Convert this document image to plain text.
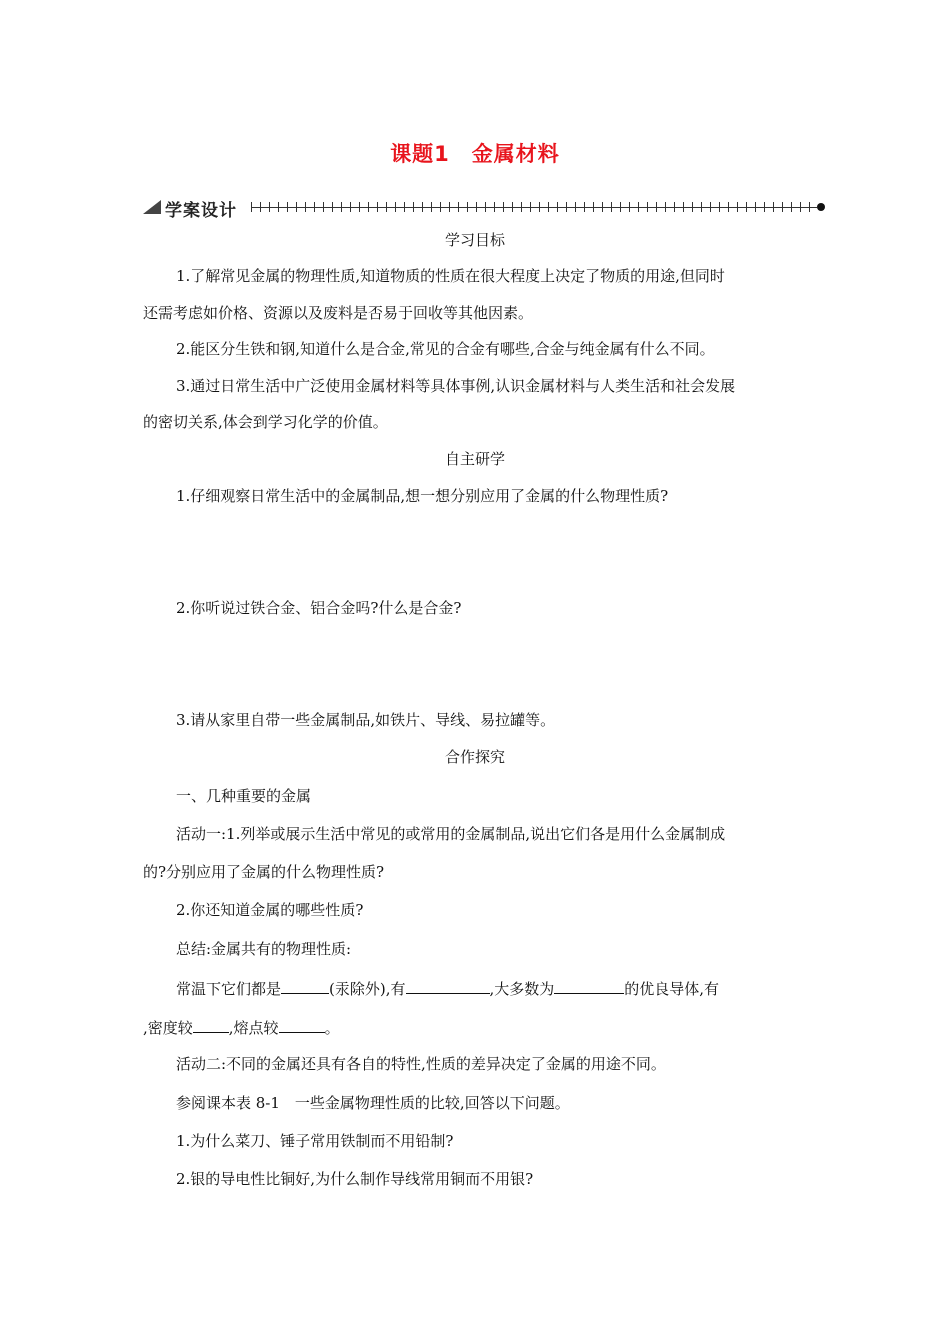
课题1　金属材料
学案设计
学习目标
1.了解常见金属的物理性质,知道物质的性质在很大程度上决定了物质的用途,但同时
还需考虑如价格、资源以及废料是否易于回收等其他因素。
2.能区分生铁和钢,知道什么是合金,常见的合金有哪些,合金与纯金属有什么不同。
3.通过日常生活中广泛使用金属材料等具体事例,认识金属材料与人类生活和社会发展
的密切关系,体会到学习化学的价值。
自主研学
1.仔细观察日常生活中的金属制品,想一想分别应用了金属的什么物理性质?
2.你听说过铁合金、铝合金吗?什么是合金?
3.请从家里自带一些金属制品,如铁片、导线、易拉罐等。
合作探究
一、几种重要的金属
活动一:1.列举或展示生活中常见的或常用的金属制品,说出它们各是用什么金属制成
的?分别应用了金属的什么物理性质?
2.你还知道金属的哪些性质?
总结:金属共有的物理性质:
常温下它们都是	(汞除外),有	,大多数为	的优良导体,有
,密度较 ,熔点较	。
活动二:不同的金属还具有各自的特性,性质的差异决定了金属的用途不同。
参阅课本表 8-1　一些金属物理性质的比较,回答以下问题。
1.为什么菜刀、锤子常用铁制而不用铅制?
2.银的导电性比铜好,为什么制作导线常用铜而不用银?
